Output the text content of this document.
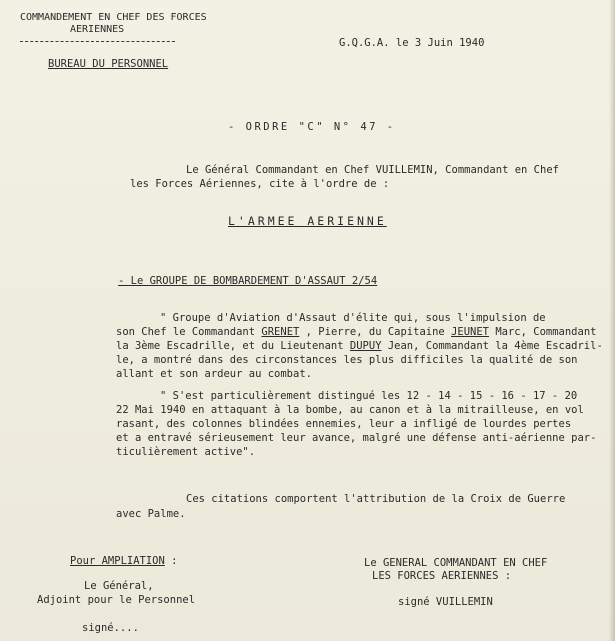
COMMANDEMENT EN CHEF DES FORCES
AERIENNES
G.Q.G.A. le 3 Juin 1940
BUREAU DU PERSONNEL
- ORDRE "C" N° 47 -
Le Général Commandant en Chef VUILLEMIN, Commandant en Chef
les Forces Aériennes, cite à l'ordre de :
L'ARMEE AERIENNE
- Le GROUPE DE BOMBARDEMENT D'ASSAUT 2/54
" Groupe d'Aviation d'Assaut d'élite qui, sous l'impulsion de
son Chef le Commandant GRENET , Pierre, du Capitaine JEUNET Marc, Commandant
la 3ème Escadrille, et du Lieutenant DUPUY Jean, Commandant la 4ème Escadril-
le, a montré dans des circonstances les plus difficiles la qualité de son
allant et son ardeur au combat.
" S'est particulièrement distingué les 12 - 14 - 15 - 16 - 17 - 20
22 Mai 1940 en attaquant à la bombe, au canon et à la mitrailleuse, en vol
rasant, des colonnes blindées ennemies, leur a infligé de lourdes pertes
et a entravé sérieusement leur avance, malgré une défense anti-aérienne par-
ticulièrement active".
Ces citations comportent l'attribution de la Croix de Guerre
avec Palme.
Pour AMPLIATION :
Le Général,
Adjoint pour le Personnel
signé....
Le GENERAL COMMANDANT EN CHEF
LES FORCES AERIENNES :
signé VUILLEMIN
